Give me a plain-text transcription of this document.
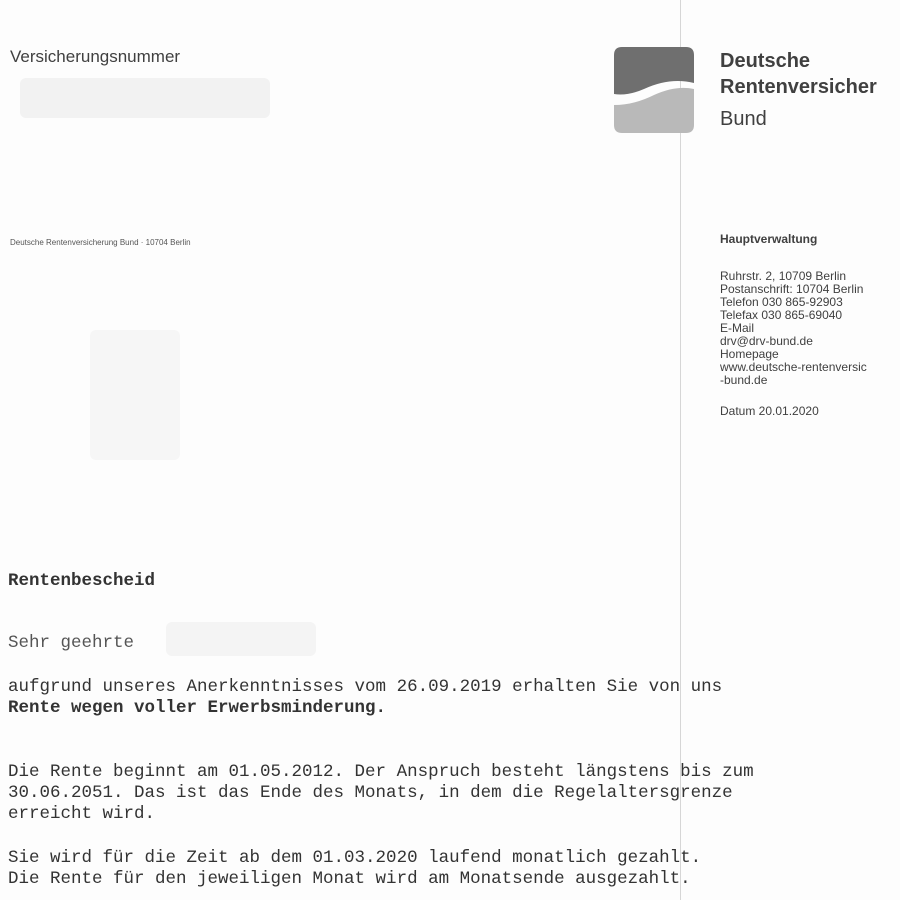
Versicherungsnummer
Deutsche Rentenversicherung Bund · 10704 Berlin
Deutsche
Rentenversicher
Bund
Hauptverwaltung
Ruhrstr. 2, 10709 Berlin
Postanschrift: 10704 Berlin
Telefon 030 865-92903
Telefax 030 865-69040
E-Mail
drv@drv-bund.de
Homepage
www.deutsche-rentenversic
-bund.de
Datum 20.01.2020
Rentenbescheid
Sehr geehrte
aufgrund unseres Anerkenntnisses vom 26.09.2019 erhalten Sie von uns
Rente wegen voller Erwerbsminderung.
Die Rente beginnt am 01.05.2012. Der Anspruch besteht längstens bis zum
30.06.2051. Das ist das Ende des Monats, in dem die Regelaltersgrenze
erreicht wird.
Sie wird für die Zeit ab dem 01.03.2020 laufend monatlich gezahlt.
Die Rente für den jeweiligen Monat wird am Monatsende ausgezahlt.
